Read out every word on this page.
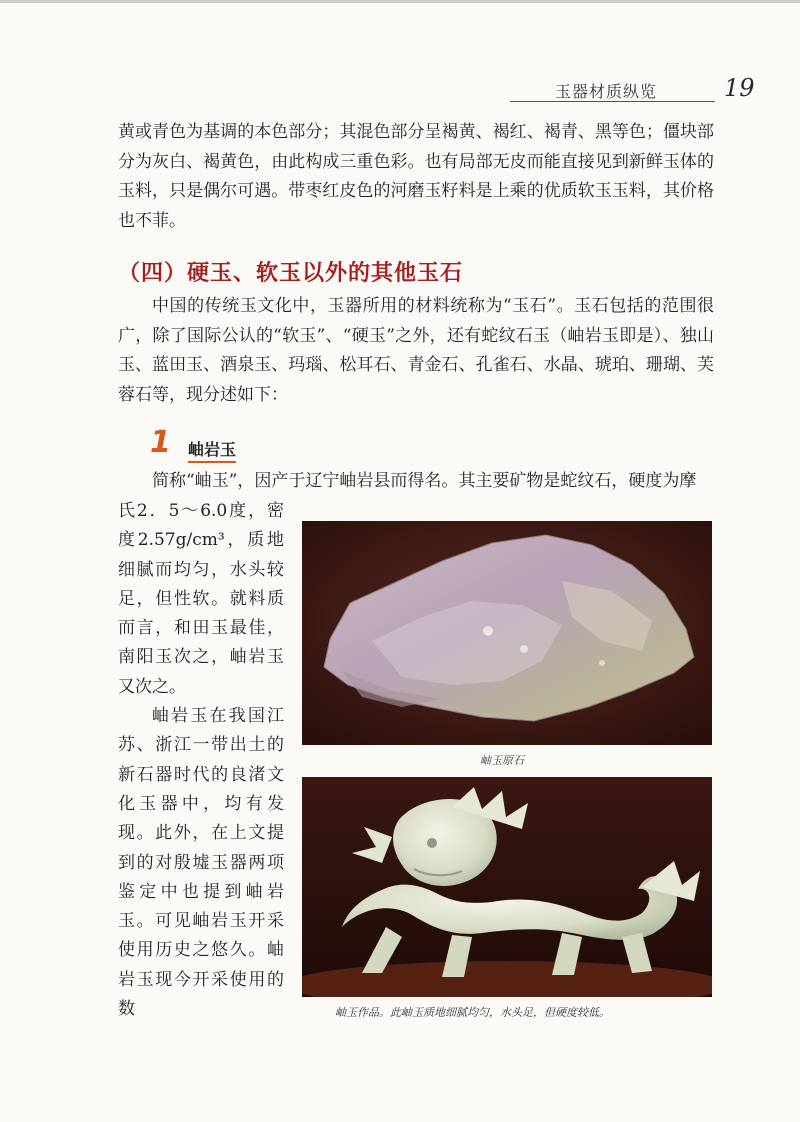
玉器材质纵览	19

黄或青色为基调的本色部分；其混色部分呈褐黄、褐红、褐青、黑等色；僵块部分为灰白、褐黄色，由此构成三重色彩。也有局部无皮而能直接见到新鲜玉体的玉料，只是偶尔可遇。带枣红皮色的河磨玉籽料是上乘的优质软玉玉料，其价格也不菲。

（四）硬玉、软玉以外的其他玉石

中国的传统玉文化中，玉器所用的材料统称为“玉石”。玉石包括的范围很广，除了国际公认的“软玉”、“硬玉”之外，还有蛇纹石玉（岫岩玉即是）、独山玉、蓝田玉、酒泉玉、玛瑙、松耳石、青金石、孔雀石、水晶、琥珀、珊瑚、芙蓉石等，现分述如下：

1 岫岩玉

简称“岫玉”，因产于辽宁岫岩县而得名。其主要矿物是蛇纹石，硬度为摩

氏2．5～6.0度，密度2.57g/cm³，质地细腻而均匀，水头较足，但性软。就料质而言，和田玉最佳，南阳玉次之，岫岩玉又次之。

岫岩玉在我国江苏、浙江一带出土的新石器时代的良渚文化玉器中，均有发现。此外，在上文提到的对殷墟玉器两项鉴定中也提到岫岩玉。可见岫岩玉开采使用历史之悠久。岫岩玉现今开采使用的数

岫玉原石
岫玉作品。此岫玉质地细腻均匀，水头足，但硬度较低。
